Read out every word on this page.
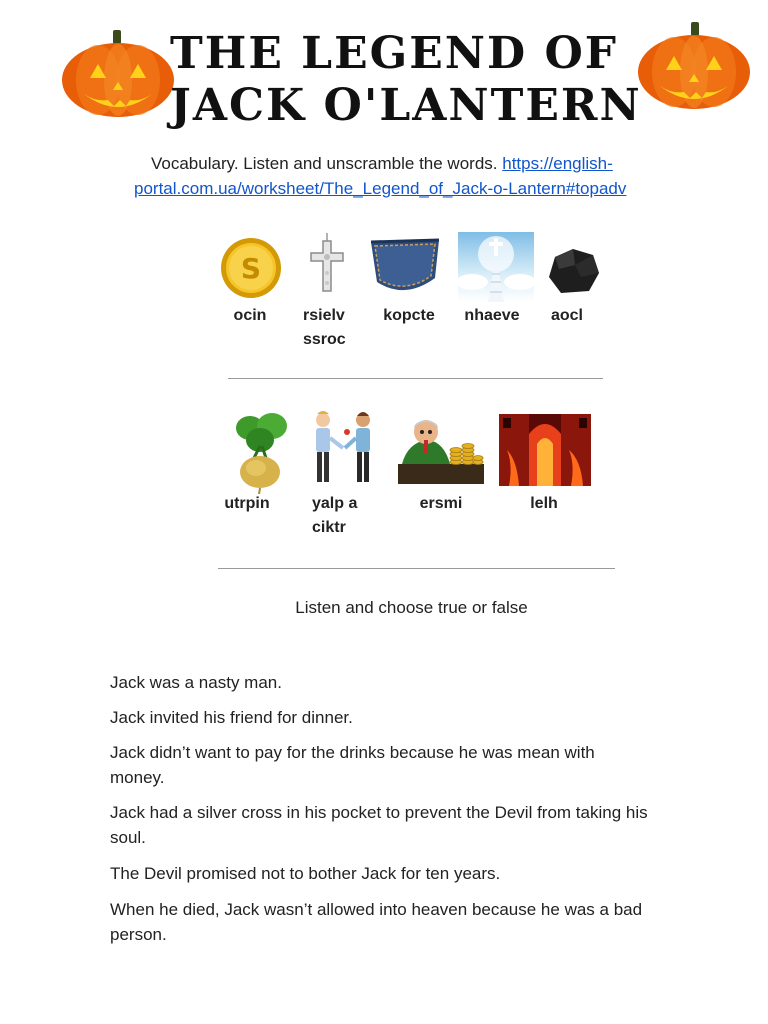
THE LEGEND OF
JACK O'LANTERN
Vocabulary. Listen and unscramble the words. https://english-
portal.com.ua/worksheet/The_Legend_of_Jack-o-Lantern#topadv
S
ocin	rsielv
ssroc
kopcte	nhaeve	aocl
utrpin	yalp a
ciktr
ersmi	lelh
Listen and choose true or false
Jack was a nasty man.
Jack invited his friend for dinner.
Jack didn’t want to pay for the drinks because he was mean with
money.
Jack had a silver cross in his pocket to prevent the Devil from taking his
soul.
The Devil promised not to bother Jack for ten years.
When he died, Jack wasn’t allowed into heaven because he was a bad
person.
